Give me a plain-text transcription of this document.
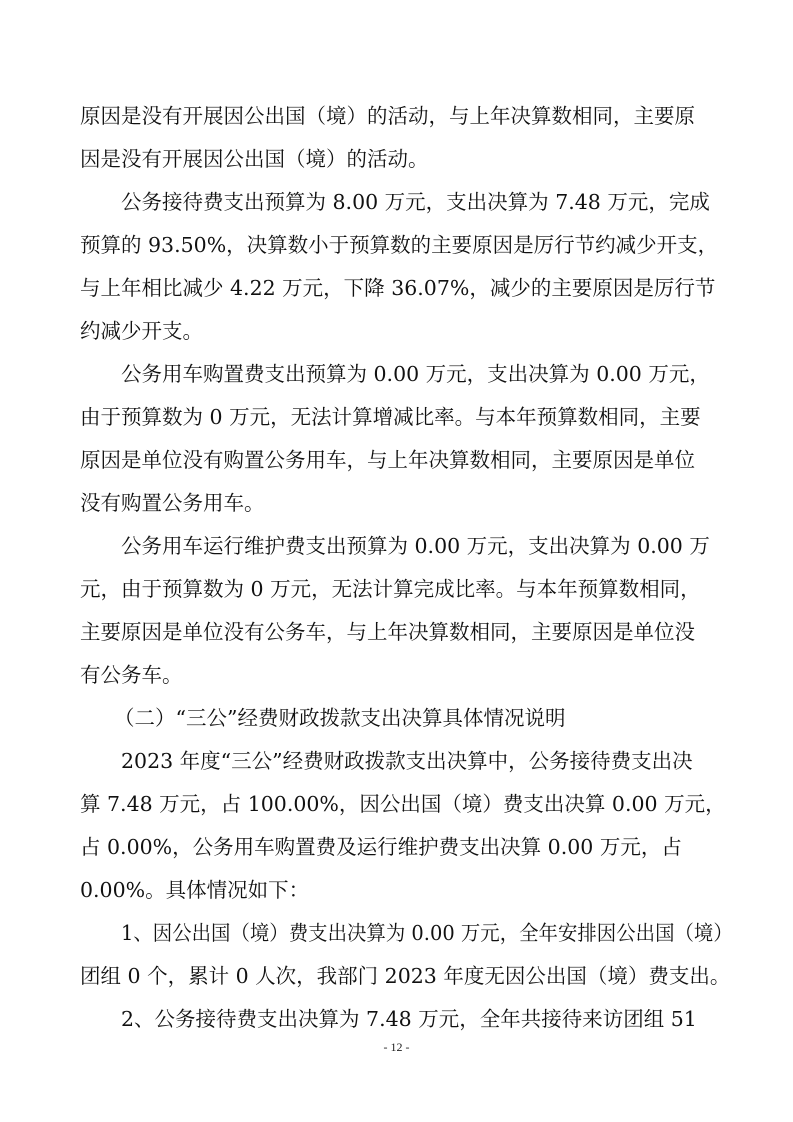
原因是没有开展因公出国（境）的活动，与上年决算数相同，主要原
因是没有开展因公出国（境）的活动。
公务接待费支出预算为 8.00 万元，支出决算为 7.48 万元，完成
预算的 93.50%，决算数小于预算数的主要原因是厉行节约减少开支，
与上年相比减少 4.22 万元，下降 36.07%，减少的主要原因是厉行节
约减少开支。
公务用车购置费支出预算为 0.00 万元，支出决算为 0.00 万元，
由于预算数为 0 万元，无法计算增减比率。与本年预算数相同，主要
原因是单位没有购置公务用车，与上年决算数相同，主要原因是单位
没有购置公务用车。
公务用车运行维护费支出预算为 0.00 万元，支出决算为 0.00 万
元，由于预算数为 0 万元，无法计算完成比率。与本年预算数相同，
主要原因是单位没有公务车，与上年决算数相同，主要原因是单位没
有公务车。
（二）“三公”经费财政拨款支出决算具体情况说明
2023 年度“三公”经费财政拨款支出决算中，公务接待费支出决
算 7.48 万元，占 100.00%，因公出国（境）费支出决算 0.00 万元，
占 0.00%，公务用车购置费及运行维护费支出决算 0.00 万元，占
0.00%。具体情况如下：
1、因公出国（境）费支出决算为 0.00 万元，全年安排因公出国（境）
团组 0 个，累计 0 人次，我部门 2023 年度无因公出国（境）费支出。
2、公务接待费支出决算为 7.48 万元，全年共接待来访团组 51
- 12 -
